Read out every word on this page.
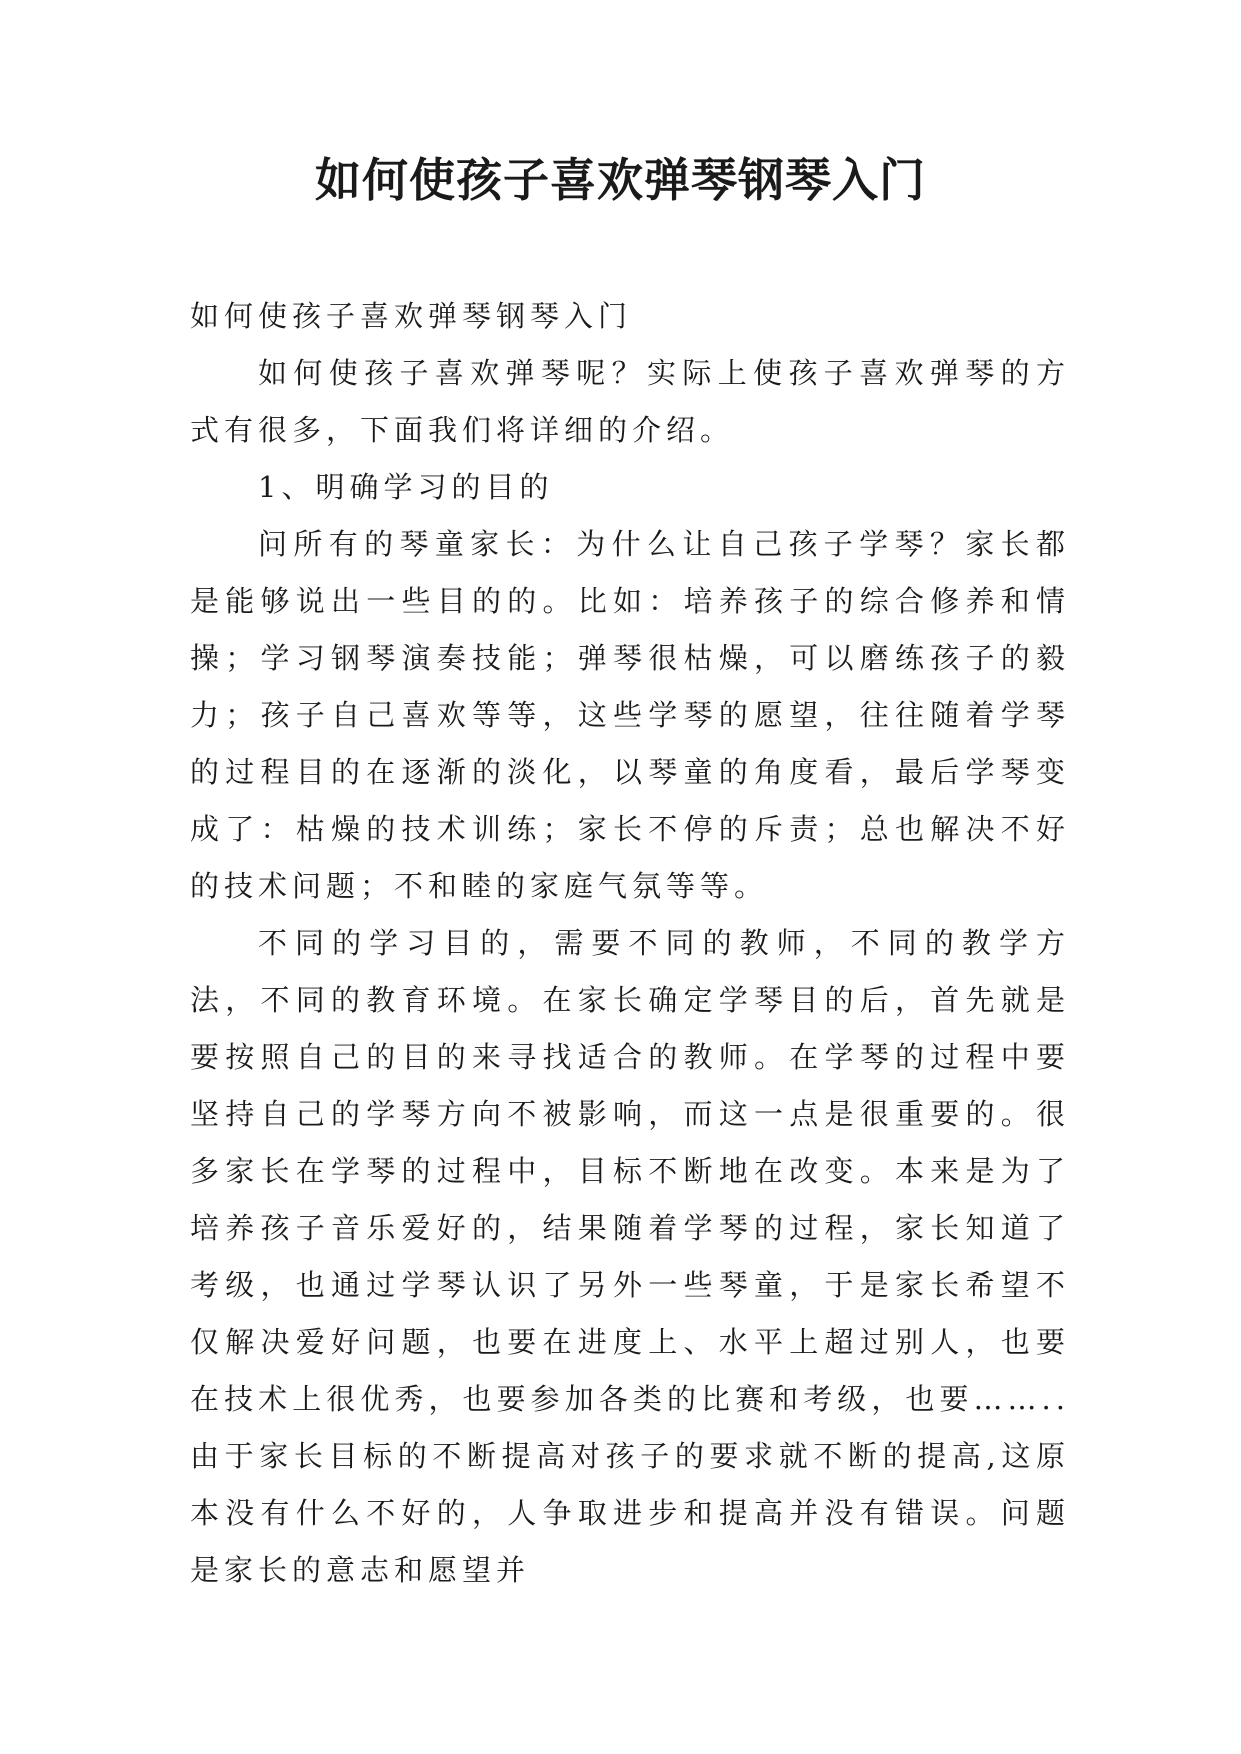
如何使孩子喜欢弹琴钢琴入门

如何使孩子喜欢弹琴钢琴入门

如何使孩子喜欢弹琴呢？实际上使孩子喜欢弹琴的方式有很多，下面我们将详细的介绍。

1、明确学习的目的

问所有的琴童家长：为什么让自己孩子学琴？家长都是能够说出一些目的的。比如：培养孩子的综合修养和情操；学习钢琴演奏技能；弹琴很枯燥，可以磨练孩子的毅力；孩子自己喜欢等等，这些学琴的愿望，往往随着学琴的过程目的在逐渐的淡化，以琴童的角度看，最后学琴变成了：枯燥的技术训练；家长不停的斥责；总也解决不好的技术问题；不和睦的家庭气氛等等。

不同的学习目的，需要不同的教师，不同的教学方法，不同的教育环境。在家长确定学琴目的后，首先就是要按照自己的目的来寻找适合的教师。在学琴的过程中要坚持自己的学琴方向不被影响，而这一点是很重要的。很多家长在学琴的过程中，目标不断地在改变。本来是为了培养孩子音乐爱好的，结果随着学琴的过程，家长知道了考级，也通过学琴认识了另外一些琴童，于是家长希望不仅解决爱好问题，也要在进度上、水平上超过别人，也要在技术上很优秀，也要参加各类的比赛和考级，也要…….. 由于家长目标的不断提高对孩子的要求就不断的提高,这原本没有什么不好的，人争取进步和提高并没有错误。问题是家长的意志和愿望并
